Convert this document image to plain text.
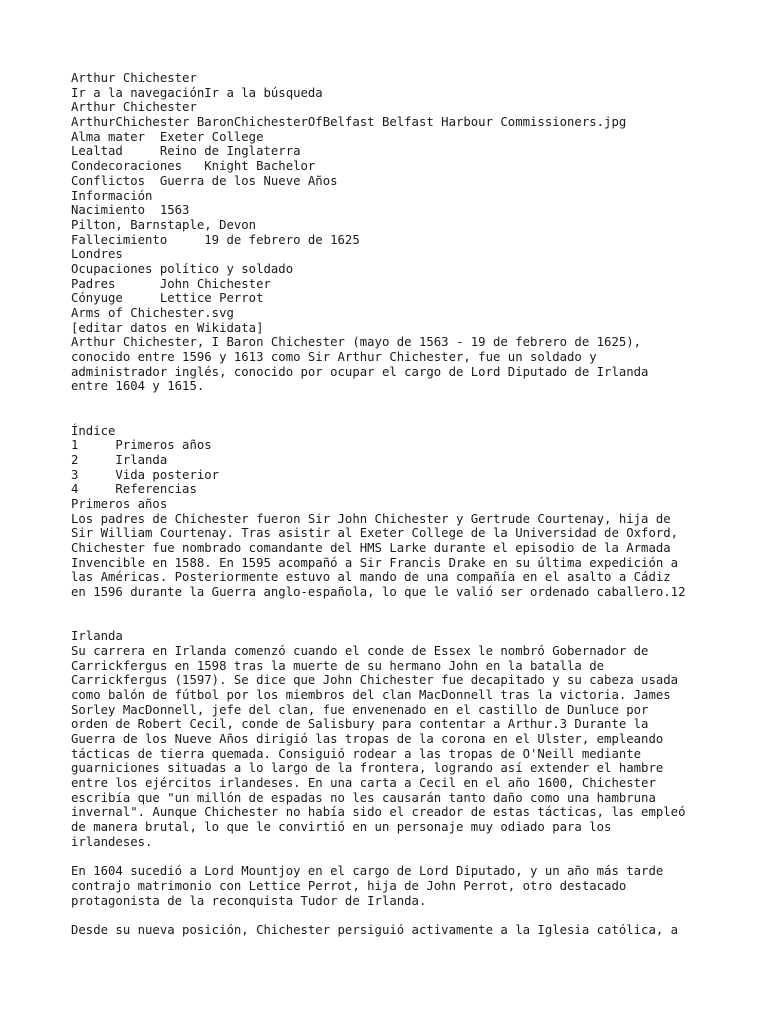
Arthur Chichester
Ir a la navegaciónIr a la búsqueda
Arthur Chichester
ArthurChichester BaronChichesterOfBelfast Belfast Harbour Commissioners.jpg
Alma mater  Exeter College
Lealtad     Reino de Inglaterra
Condecoraciones   Knight Bachelor
Conflictos  Guerra de los Nueve Años
Información
Nacimiento  1563
Pilton, Barnstaple, Devon
Fallecimiento     19 de febrero de 1625
Londres
Ocupaciones político y soldado
Padres      John Chichester
Cónyuge     Lettice Perrot
Arms of Chichester.svg
[editar datos en Wikidata]
Arthur Chichester, I Baron Chichester (mayo de 1563 - 19 de febrero de 1625),
conocido entre 1596 y 1613 como Sir Arthur Chichester, fue un soldado y
administrador inglés, conocido por ocupar el cargo de Lord Diputado de Irlanda
entre 1604 y 1615.
Índice
1     Primeros años
2     Irlanda
3     Vida posterior
4     Referencias
Primeros años
Los padres de Chichester fueron Sir John Chichester y Gertrude Courtenay, hija de
Sir William Courtenay. Tras asistir al Exeter College de la Universidad de Oxford,
Chichester fue nombrado comandante del HMS Larke durante el episodio de la Armada
Invencible en 1588. En 1595 acompañó a Sir Francis Drake en su última expedición a
las Américas. Posteriormente estuvo al mando de una compañía en el asalto a Cádiz
en 1596 durante la Guerra anglo-española, lo que le valió ser ordenado caballero.12
Irlanda
Su carrera en Irlanda comenzó cuando el conde de Essex le nombró Gobernador de
Carrickfergus en 1598 tras la muerte de su hermano John en la batalla de
Carrickfergus (1597). Se dice que John Chichester fue decapitado y su cabeza usada
como balón de fútbol por los miembros del clan MacDonnell tras la victoria. James
Sorley MacDonnell, jefe del clan, fue envenenado en el castillo de Dunluce por
orden de Robert Cecil, conde de Salisbury para contentar a Arthur.3 Durante la
Guerra de los Nueve Años dirigió las tropas de la corona en el Ulster, empleando
tácticas de tierra quemada. Consiguió rodear a las tropas de O'Neill mediante
guarniciones situadas a lo largo de la frontera, logrando así extender el hambre
entre los ejércitos irlandeses. En una carta a Cecil en el año 1600, Chichester
escribía que "un millón de espadas no les causarán tanto daño como una hambruna
invernal". Aunque Chichester no había sido el creador de estas tácticas, las empleó
de manera brutal, lo que le convirtió en un personaje muy odiado para los
irlandeses.
En 1604 sucedió a Lord Mountjoy en el cargo de Lord Diputado, y un año más tarde
contrajo matrimonio con Lettice Perrot, hija de John Perrot, otro destacado
protagonista de la reconquista Tudor de Irlanda.
Desde su nueva posición, Chichester persiguió activamente a la Iglesia católica, a
